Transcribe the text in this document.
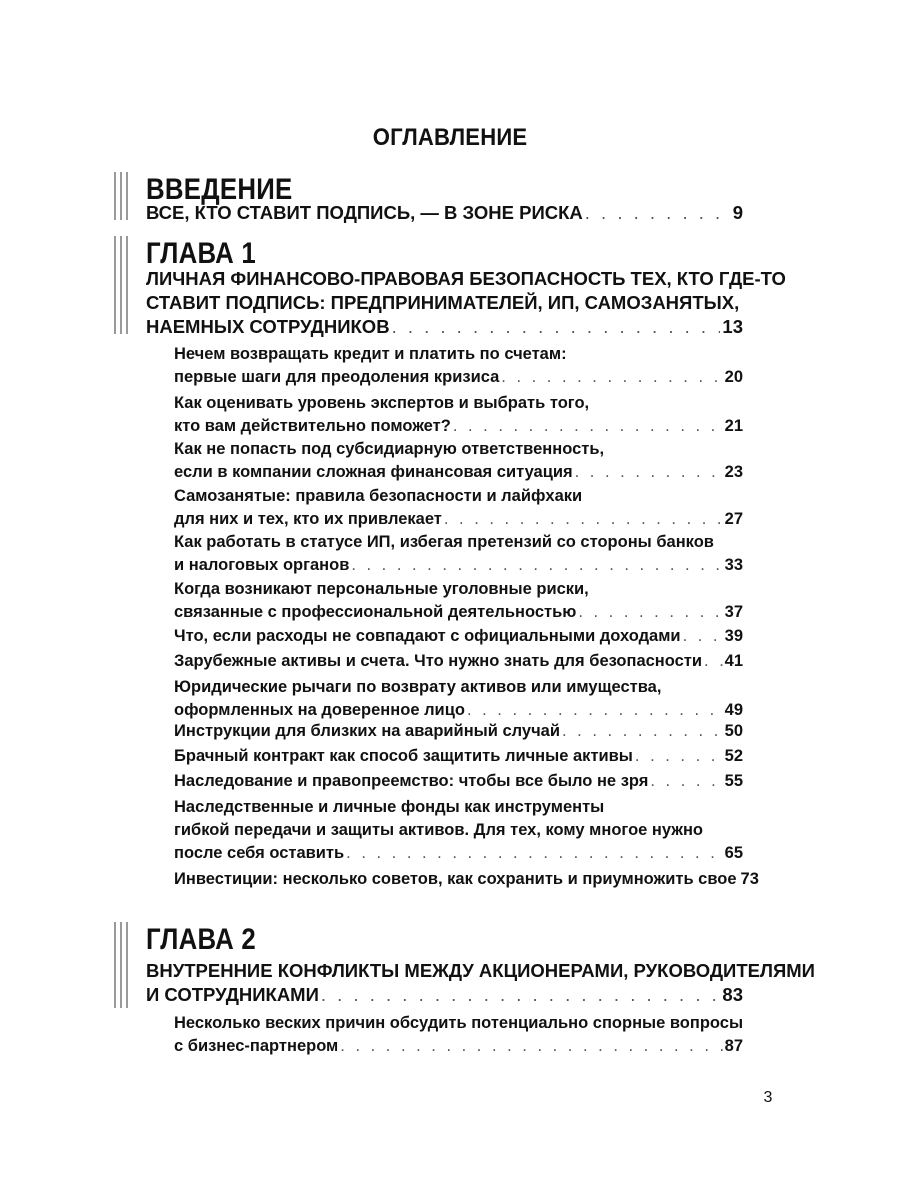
ОГЛАВЛЕНИЕ
ВВЕДЕНИЕ
ВСЕ, КТО СТАВИТ ПОДПИСЬ, — В ЗОНЕ РИСКА . . .	9
ГЛАВА 1
ЛИЧНАЯ ФИНАНСОВО-ПРАВОВАЯ БЕЗОПАСНОСТЬ ТЕХ, КТО ГДЕ-ТО
СТАВИТ ПОДПИСЬ: ПРЕДПРИНИМАТЕЛЕЙ, ИП, САМОЗАНЯТЫХ,
НАЕМНЫХ СОТРУДНИКОВ . . .	13
Нечем возвращать кредит и платить по счетам:
первые шаги для преодоления кризиса . . .	20
Как оценивать уровень экспертов и выбрать того,
кто вам действительно поможет? . . .	21
Как не попасть под субсидиарную ответственность,
если в компании сложная финансовая ситуация . . .	23
Самозанятые: правила безопасности и лайфхаки
для них и тех, кто их привлекает . . .	27
Как работать в статусе ИП, избегая претензий со стороны банков
и налоговых органов . . .	33
Когда возникают персональные уголовные риски,
связанные с профессиональной деятельностью . . .	37
Что, если расходы не совпадают с официальными доходами . . .	39
Зарубежные активы и счета. Что нужно знать для безопасности . . . 41
Юридические рычаги по возврату активов или имущества,
оформленных на доверенное лицо . . .	49
Инструкции для близких на аварийный случай . . .	50
Брачный контракт как способ защитить личные активы . . .	52
Наследование и правопреемство: чтобы все было не зря . . .	55
Наследственные и личные фонды как инструменты
гибкой передачи и защиты активов. Для тех, кому многое нужно
после себя оставить . . .	65
Инвестиции: несколько советов, как сохранить и приумножить свое 73
ГЛАВА 2
ВНУТРЕННИЕ КОНФЛИКТЫ МЕЖДУ АКЦИОНЕРАМИ, РУКОВОДИТЕЛЯМИ
И СОТРУДНИКАМИ . . .	83
Несколько веских причин обсудить потенциально спорные вопросы
с бизнес-партнером . . .	87
3
